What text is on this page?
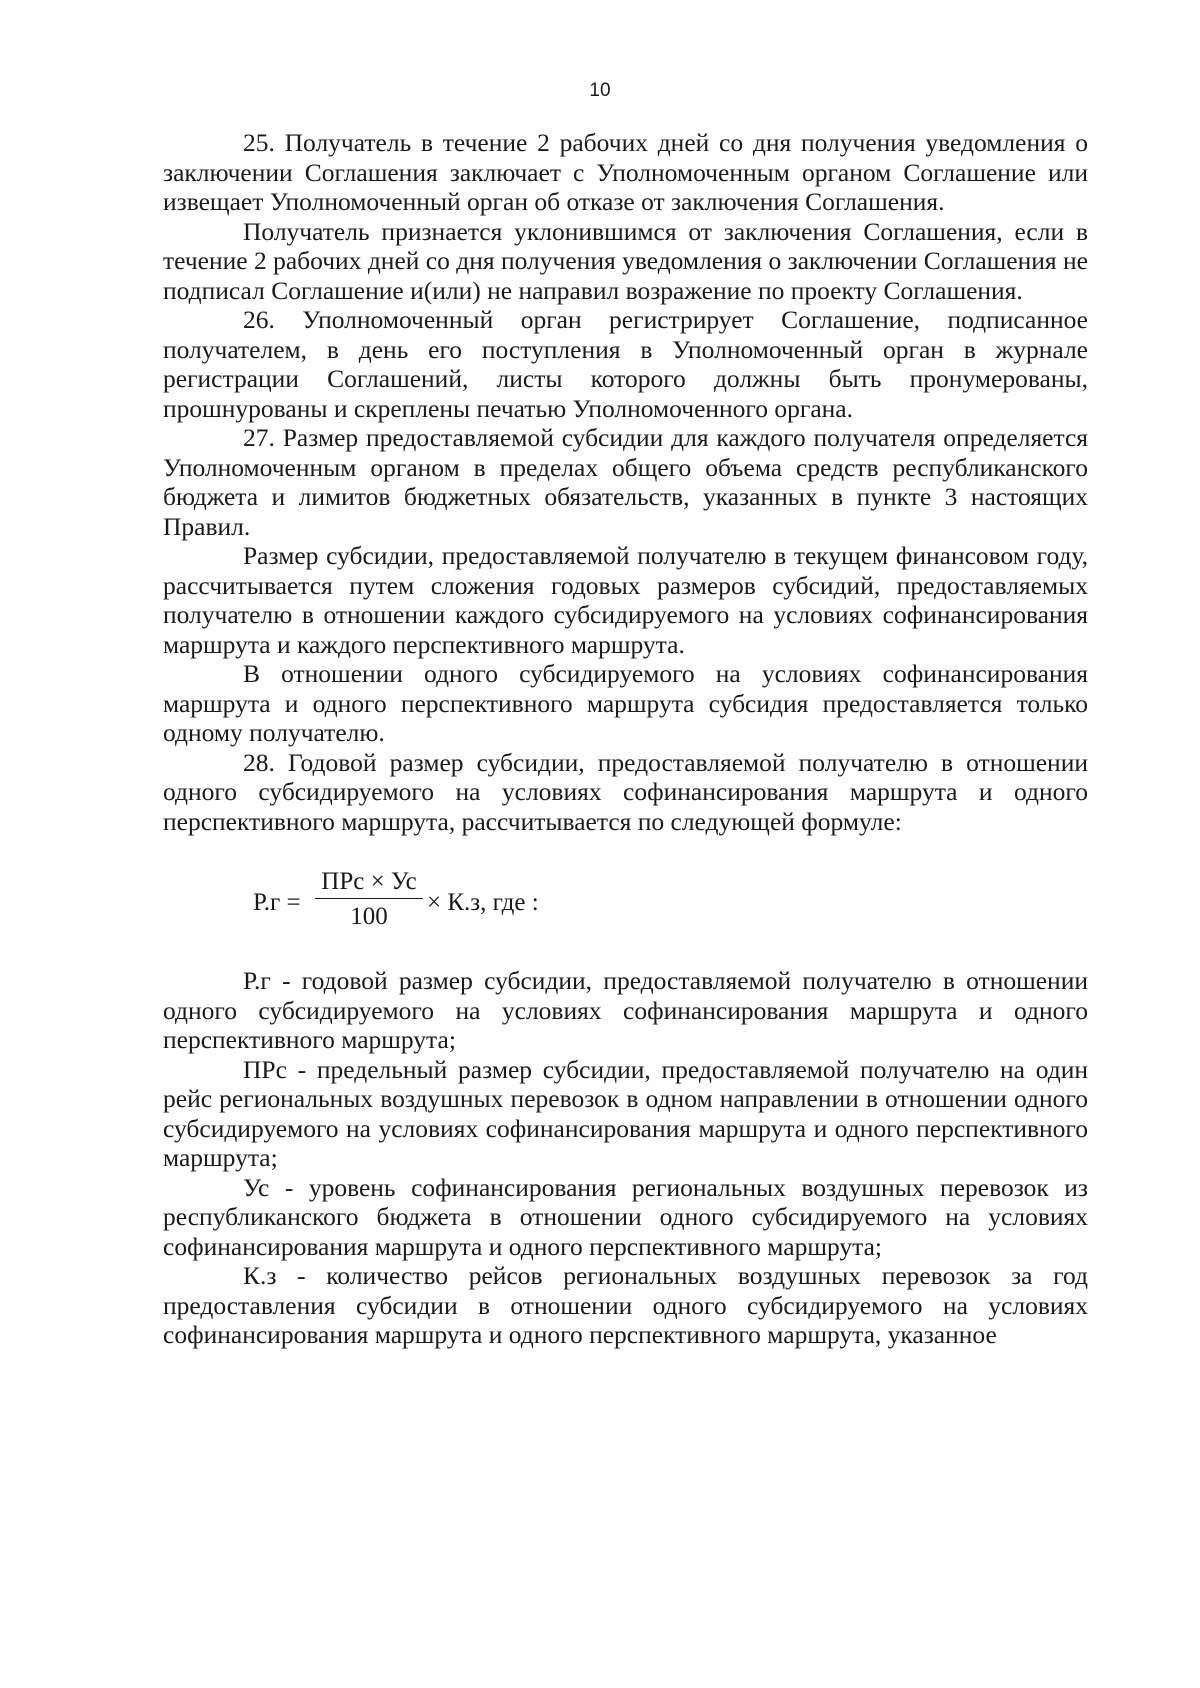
10

25. Получатель в течение 2 рабочих дней со дня получения уведомления о заключении Соглашения заключает с Уполномоченным органом Соглашение или извещает Уполномоченный орган об отказе от заключения Соглашения.

Получатель признается уклонившимся от заключения Соглашения, если в течение 2 рабочих дней со дня получения уведомления о заключении Соглашения не подписал Соглашение и(или) не направил возражение по проекту Соглашения.

26. Уполномоченный орган регистрирует Соглашение, подписанное получателем, в день его поступления в Уполномоченный орган в журнале регистрации Соглашений, листы которого должны быть пронумерованы, прошнурованы и скреплены печатью Уполномоченного органа.

27. Размер предоставляемой субсидии для каждого получателя определяется Уполномоченным органом в пределах общего объема средств республиканского бюджета и лимитов бюджетных обязательств, указанных в пункте 3 настоящих Правил.

Размер субсидии, предоставляемой получателю в текущем финансовом году, рассчитывается путем сложения годовых размеров субсидий, предоставляемых получателю в отношении каждого субсидируемого на условиях софинансирования маршрута и каждого перспективного маршрута.

В отношении одного субсидируемого на условиях софинансирования маршрута и одного перспективного маршрута субсидия предоставляется только одному получателю.

28. Годовой размер субсидии, предоставляемой получателю в отношении одного субсидируемого на условиях софинансирования маршрута и одного перспективного маршрута, рассчитывается по следующей формуле:

Р.г =
ПРс × Ус
100
× К.з, где :

Р.г - годовой размер субсидии, предоставляемой получателю в отношении одного субсидируемого на условиях софинансирования маршрута и одного перспективного маршрута;

ПРс - предельный размер субсидии, предоставляемой получателю на один рейс региональных воздушных перевозок в одном направлении в отношении одного субсидируемого на условиях софинансирования маршрута и одного перспективного маршрута;

Ус - уровень софинансирования региональных воздушных перевозок из республиканского бюджета в отношении одного субсидируемого на условиях софинансирования маршрута и одного перспективного маршрута;

К.з - количество рейсов региональных воздушных перевозок за год предоставления субсидии в отношении одного субсидируемого на условиях софинансирования маршрута и одного перспективного маршрута, указанное
